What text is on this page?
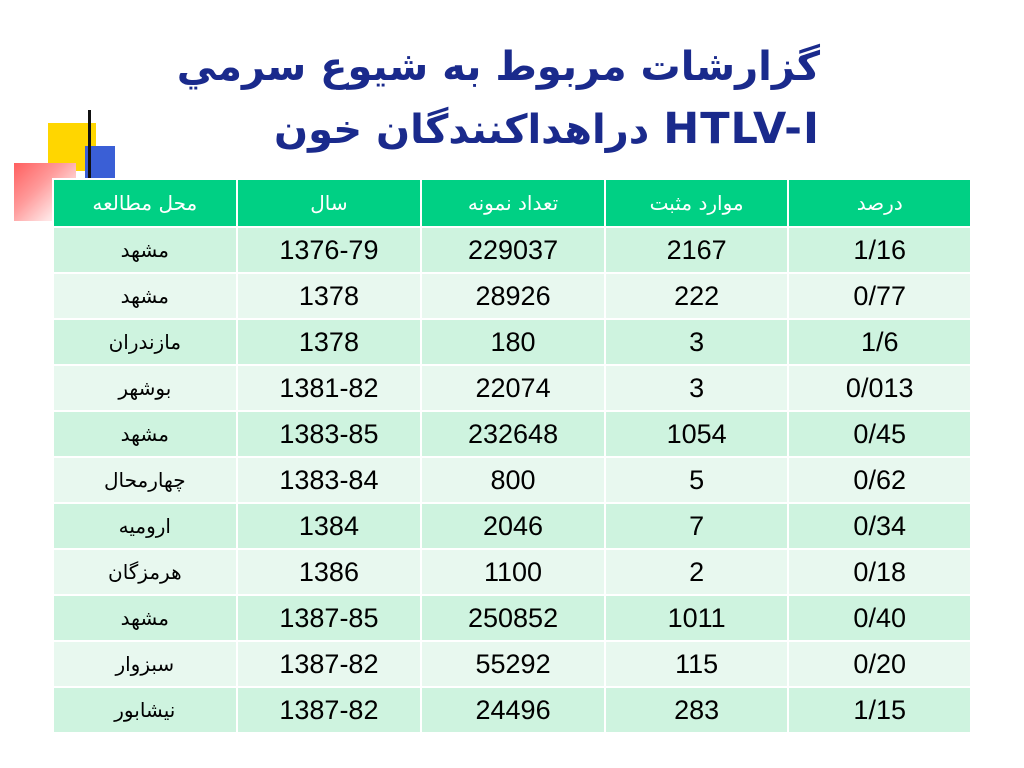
گزارشات مربوط به شيوع سرمي
HTLV-I دراهداكنندگان خون
درصد	موارد مثبت	تعداد نمونه	سال	محل مطالعه
1/16	2167	229037	1376-79	مشهد
0/77	222	28926	1378	مشهد
1/6	3	180	1378	مازندران
0/013	3	22074	1381-82	بوشهر
0/45	1054	232648	1383-85	مشهد
0/62	5	800	1383-84	چهارمحال
0/34	7	2046	1384	اروميه
0/18	2	1100	1386	هرمزگان
0/40	1011	250852	1387-85	مشهد
0/20	115	55292	1387-82	سبزوار
1/15	283	24496	1387-82	نيشابور
